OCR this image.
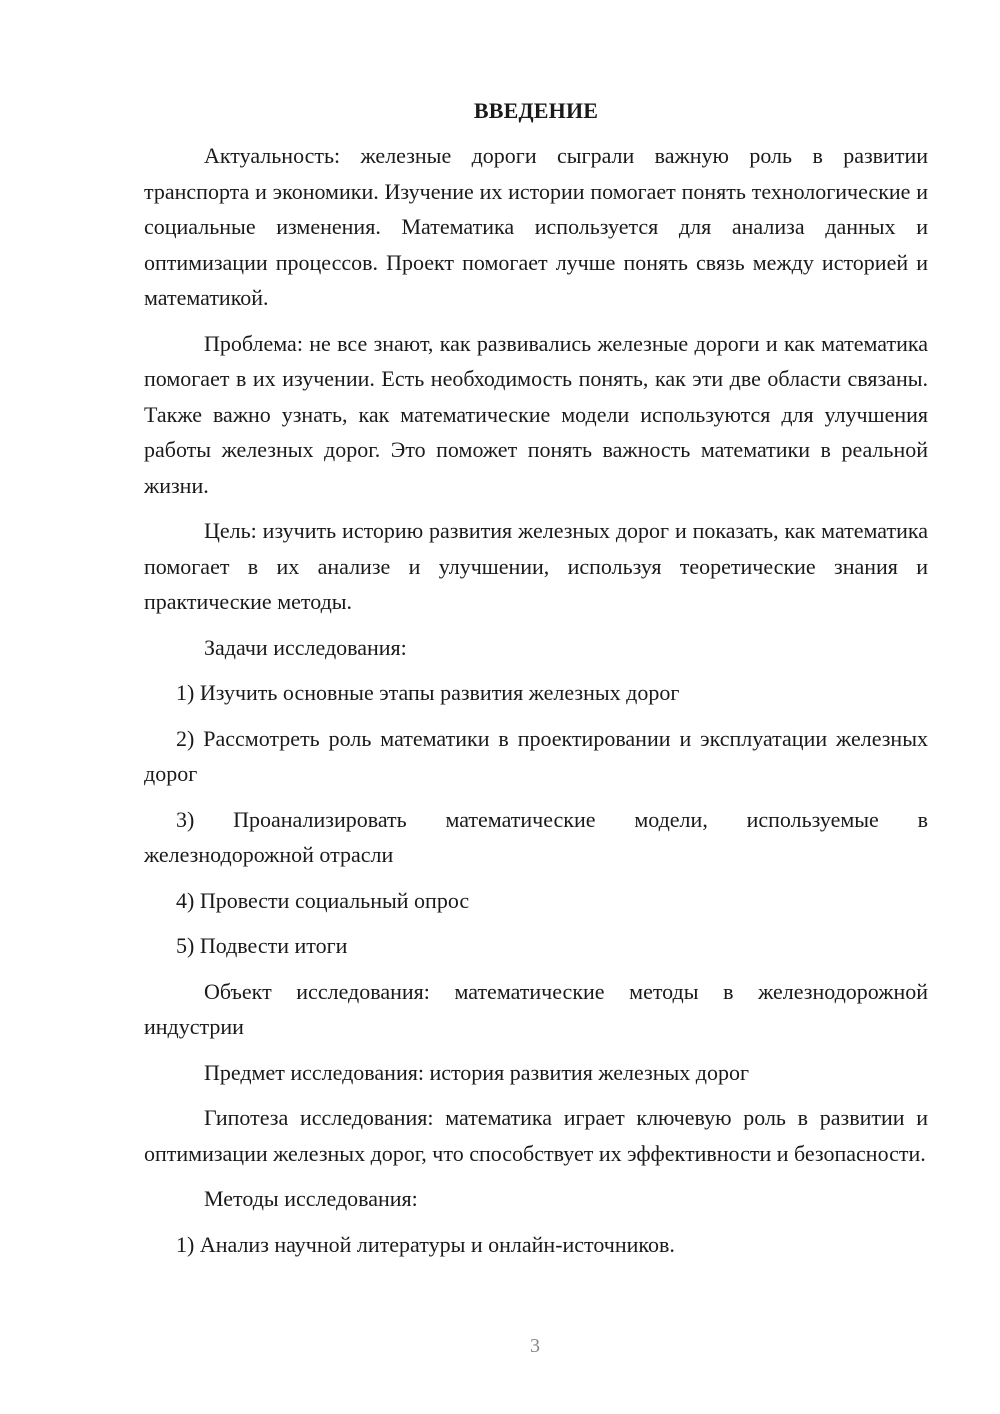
ВВЕДЕНИЕ

Актуальность: железные дороги сыграли важную роль в развитии транспорта и экономики. Изучение их истории помогает понять технологические и социальные изменения. Математика используется для анализа данных и оптимизации процессов. Проект помогает лучше понять связь между историей и математикой.

Проблема: не все знают, как развивались железные дороги и как математика помогает в их изучении. Есть необходимость понять, как эти две области связаны. Также важно узнать, как математические модели используются для улучшения работы железных дорог. Это поможет понять важность математики в реальной жизни.

Цель: изучить историю развития железных дорог и показать, как математика помогает в их анализе и улучшении, используя теоретические знания и практические методы.

Задачи исследования:

1) Изучить основные этапы развития железных дорог

2) Рассмотреть роль математики в проектировании и эксплуатации железных дорог

3) Проанализировать математические модели, используемые в железнодорожной отрасли

4) Провести социальный опрос

5) Подвести итоги

Объект исследования: математические методы в железнодорожной индустрии

Предмет исследования: история развития железных дорог

Гипотеза исследования: математика играет ключевую роль в развитии и оптимизации железных дорог, что способствует их эффективности и безопасности.

Методы исследования:

1) Анализ научной литературы и онлайн-источников.

3
